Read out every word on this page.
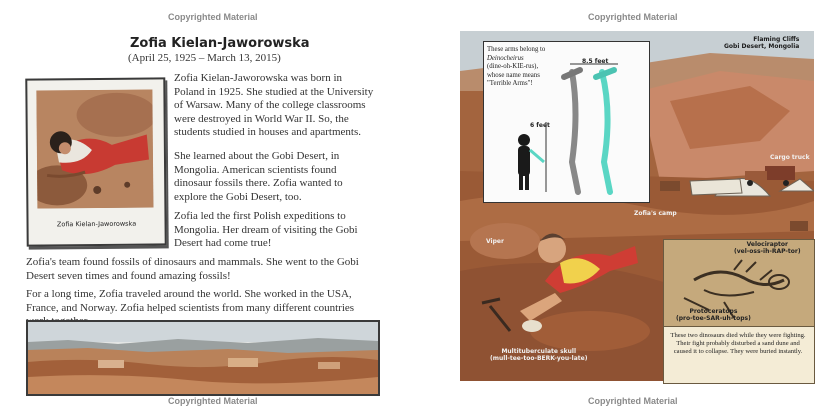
Copyrighted Material
Zofia Kielan-Jaworowska
(April 25, 1925 – March 13, 2015)
Zofia Kielan-Jaworowska

Zofia Kielan-Jaworowska was born in Poland in 1925. She studied at the University of Warsaw. Many of the college classrooms were destroyed in World War II. So, the students studied in houses and apartments.

She learned about the Gobi Desert, in Mongolia. American scientists found dinosaur fossils there. Zofia wanted to explore the Gobi Desert, too.

Zofia led the first Polish expeditions to Mongolia. Her dream of visiting the Gobi Desert had come true!

Zofia's team found fossils of dinosaurs and mammals. She went to the Gobi Desert seven times and found amazing fossils!

For a long time, Zofia traveled around the world. She worked in the USA, France, and Norway. Zofia helped scientists from many different countries

Copyrighted Material
Copyrighted Material
Flaming Cliffs
Gobi Desert, Mongolia
8.5 feet
6 feet

These arms belong to
Deinocheirus
(dine-oh-KIE-rus), whose name means "Terrible Arms"!

Cargo truck
Zofia's camp
Viper	Velociraptor
(vel-oss-ih-RAP-tor)
Protoceratops
(pro-toe-SAR-uh-tops)

These two dinosaurs died while they were fighting. Their fight probably disturbed a sand dune and caused it to collapse. They were buried instantly.

Multituberculate skull
(mull-tee-too-BERK-you-late)
Copyrighted Material
